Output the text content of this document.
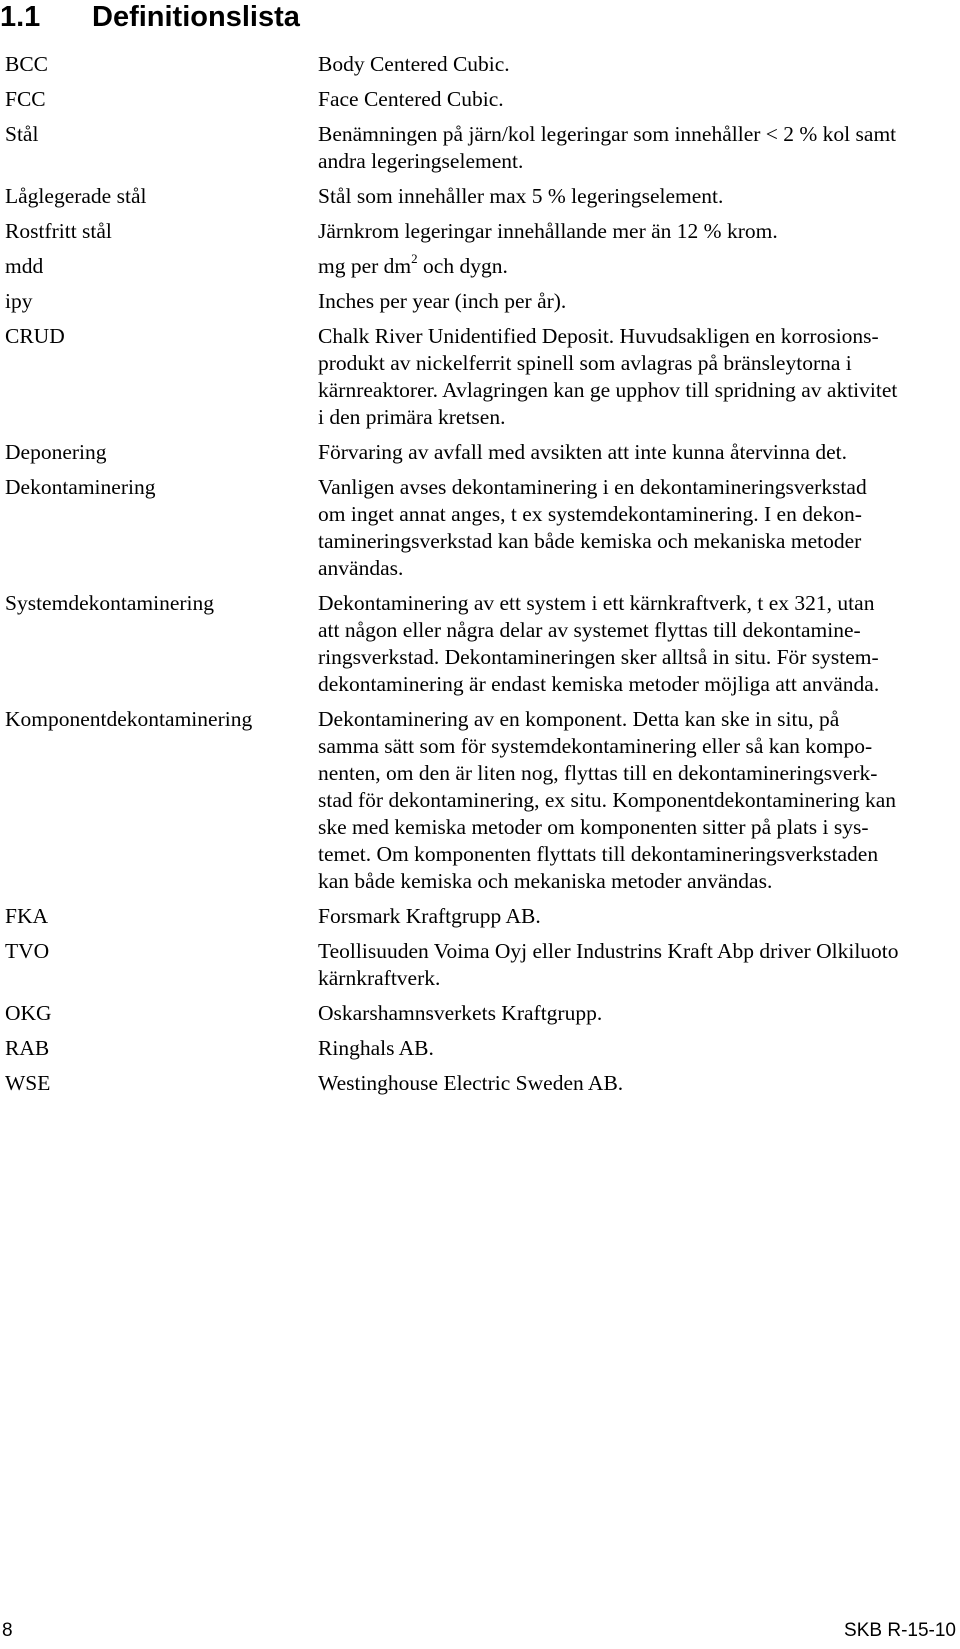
1.1 Definitionslista
BCC	Body Centered Cubic.
FCC	Face Centered Cubic.
Stål	Benämningen på järn/kol legeringar som innehåller < 2 % kol samt
andra legeringselement.
Låglegerade stål	Stål som innehåller max 5 % legeringselement.
Rostfritt stål	Järnkrom legeringar innehållande mer än 12 % krom.
mdd	mg per $dm^2$ och dygn.
ipy	Inches per year (inch per år).
CRUD	Chalk River Unidentified Deposit. Huvudsakligen en korrosions-
produkt av nickelferrit spinell som avlagras på bränsleytorna i
kärnreaktorer. Avlagringen kan ge upphov till spridning av aktivitet
i den primära kretsen.
Deponering	Förvaring av avfall med avsikten att inte kunna återvinna det.
Dekontaminering	Vanligen avses dekontaminering i en dekontamineringsverkstad
om inget annat anges, t ex systemdekontaminering. I en dekon-
tamineringsverkstad kan både kemiska och mekaniska metoder
användas.
Systemdekontaminering	Dekontaminering av ett system i ett kärnkraftverk, t ex 321, utan
att någon eller några delar av systemet flyttas till dekontamine-
ringsverkstad. Dekontamineringen sker alltså in situ. För system-
dekontaminering är endast kemiska metoder möjliga att använda.
Komponentdekontaminering	Dekontaminering av en komponent. Detta kan ske in situ, på
samma sätt som för systemdekontaminering eller så kan kompo-
nenten, om den är liten nog, flyttas till en dekontamineringsverk-
stad för dekontaminering, ex situ. Komponentdekontaminering kan
ske med kemiska metoder om komponenten sitter på plats i sys-
temet. Om komponenten flyttats till dekontamineringsverkstaden
kan både kemiska och mekaniska metoder användas.
FKA	Forsmark Kraftgrupp AB.
TVO	Teollisuuden Voima Oyj eller Industrins Kraft Abp driver Olkiluoto
kärnkraftverk.
OKG	Oskarshamnsverkets Kraftgrupp.
RAB	Ringhals AB.
WSE	Westinghouse Electric Sweden AB.
8	SKB R-15-10
